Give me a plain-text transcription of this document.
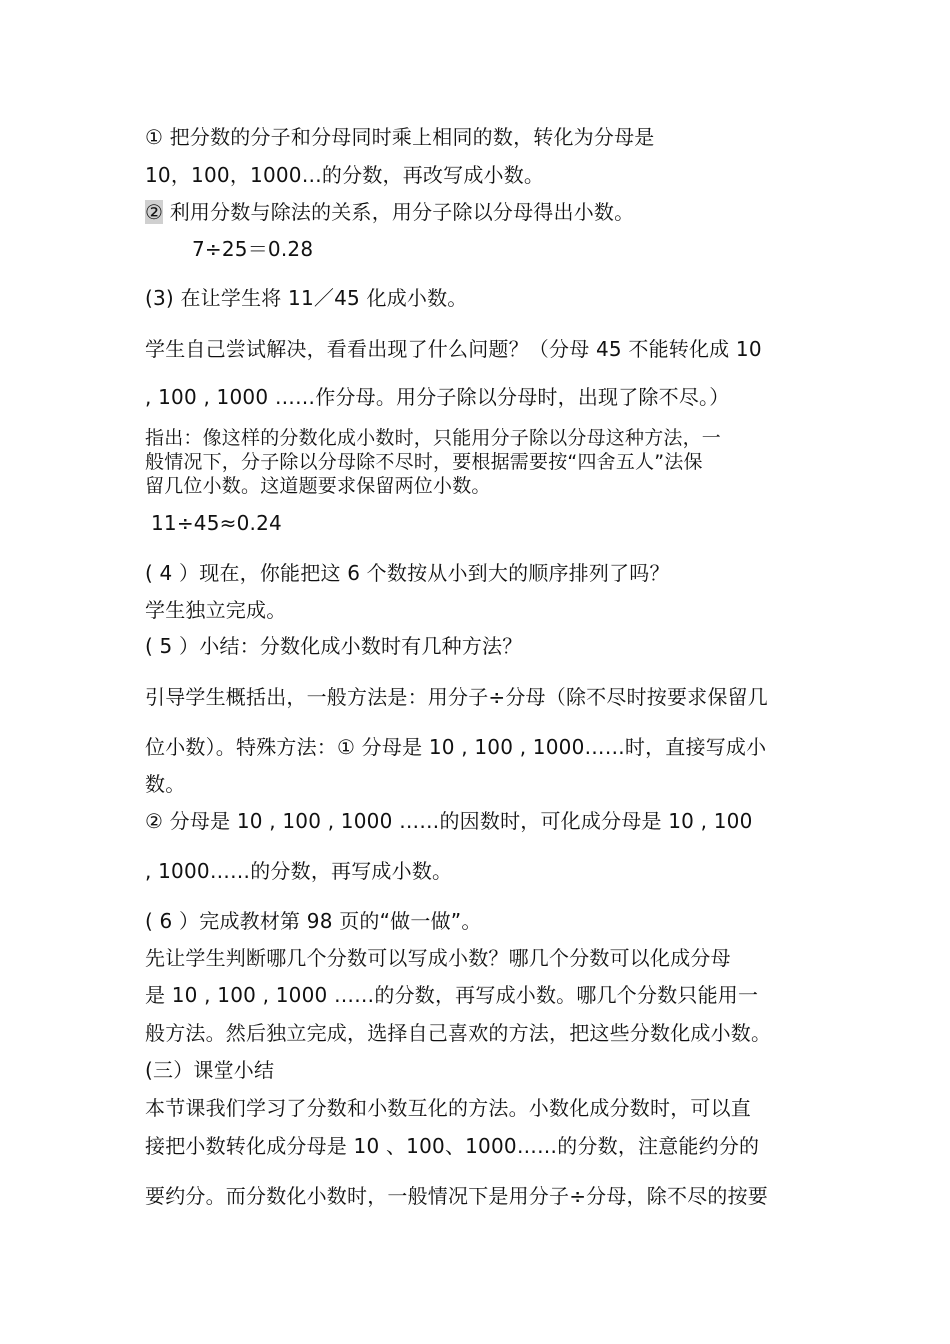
① 把分数的分子和分母同时乘上相同的数，转化为分母是
10，100，1000…的分数，再改写成小数。
② 利用分数与除法的关系，用分子除以分母得出小数。
7÷25＝0.28
(3) 在让学生将 11／45 化成小数。
学生自己尝试解决，看看出现了什么问题？（分母 45 不能转化成 10
, 100 , 1000 ……作分母。用分子除以分母时，出现了除不尽。）
指出：像这样的分数化成小数时，只能用分子除以分母这种方法，一
般情况下，分子除以分母除不尽时，要根据需要按“四舍五人”法保
留几位小数。这道题要求保留两位小数。
11÷45≈0.24
( 4 ）现在，你能把这 6 个数按从小到大的顺序排列了吗？
学生独立完成。
( 5 ）小结：分数化成小数时有几种方法？
引导学生概括出，一般方法是：用分子÷分母（除不尽时按要求保留几
位小数）。特殊方法：① 分母是 10 , 100 , 1000……时，直接写成小
数。
② 分母是 10 , 100 , 1000 ……的因数时，可化成分母是 10 , 100
, 1000……的分数，再写成小数。
( 6 ）完成教材第 98 页的“做一做”。
先让学生判断哪几个分数可以写成小数？哪几个分数可以化成分母
是 10 , 100 , 1000 ……的分数，再写成小数。哪几个分数只能用一
般方法。然后独立完成，选择自己喜欢的方法，把这些分数化成小数。
(三）课堂小结
本节课我们学习了分数和小数互化的方法。小数化成分数时，可以直
接把小数转化成分母是 10 、100、1000……的分数，注意能约分的
要约分。而分数化小数时，一般情况下是用分子÷分母，除不尽的按要
